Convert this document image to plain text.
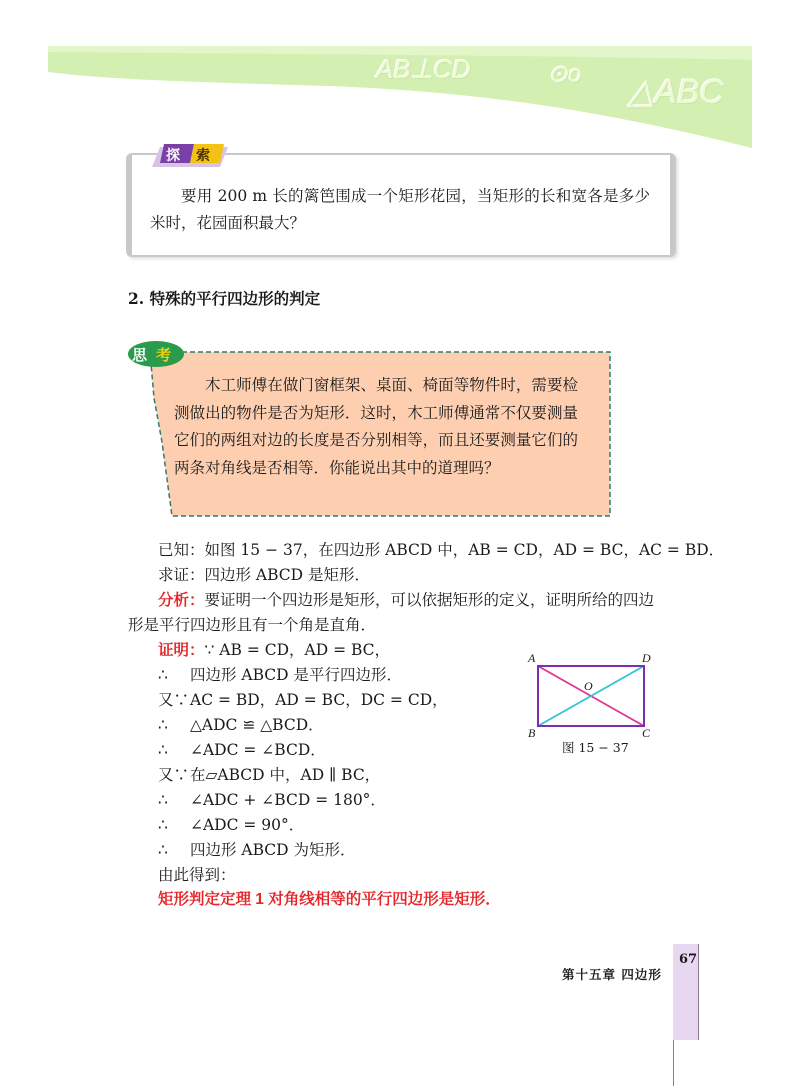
AB⊥CD	⊙o △ABC
探 索
要用 200 m 长的篱笆围成一个矩形花园，当矩形的长和宽各是多少米时，花园面积最大？
2. 特殊的平行四边形的判定
思 考
木工师傅在做门窗框架、桌面、椅面等物件时，需要检测做出的物件是否为矩形．这时，木工师傅通常不仅要测量它们的两组对边的长度是否分别相等，而且还要测量它们的两条对角线是否相等．你能说出其中的道理吗？
已知：如图 15 − 37，在四边形 ABCD 中，AB = CD，AD = BC，AC = BD．
求证：四边形 ABCD 是矩形．
分析：要证明一个四边形是矩形，可以依据矩形的定义，证明所给的四边
形是平行四边形且有一个角是直角．
证明：∵ AB = CD，AD = BC，
∴ 四边形 ABCD 是平行四边形．
又∵AC = BD，AD = BC，DC = CD，
∴ △ADC ≌ △BCD．
∴ ∠ADC = ∠BCD．
又∵在▱ABCD 中，AD ∥ BC，
∴ ∠ADC + ∠BCD = 180°．
∴ ∠ADC = 90°．
∴ 四边形 ABCD 为矩形．
由此得到：
矩形判定定理 1 对角线相等的平行四边形是矩形．
A	D
O
B	C
图 15 − 37
第十五章 四边形
67
